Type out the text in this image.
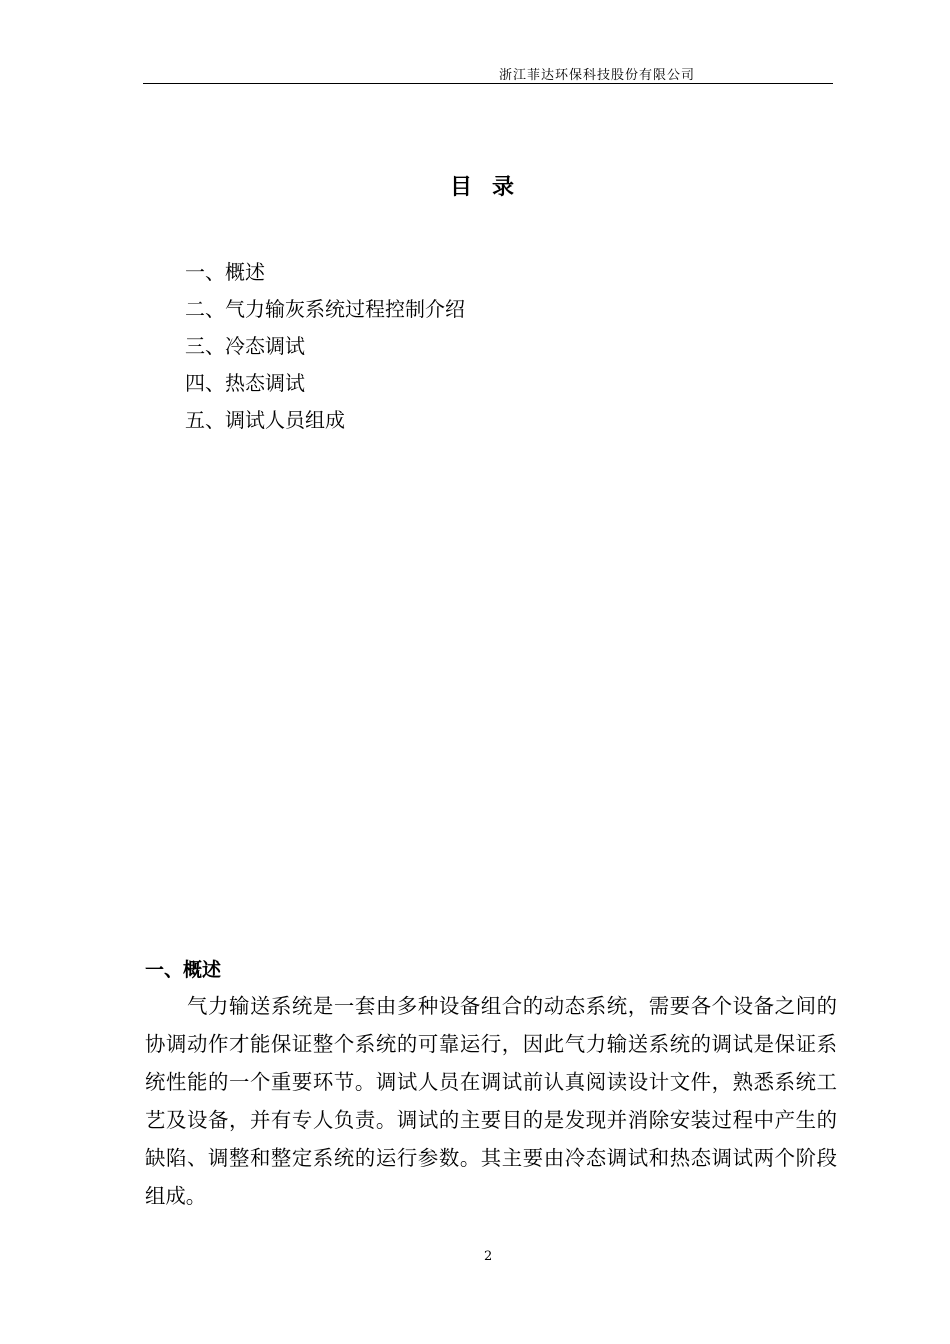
浙江菲达环保科技股份有限公司
目录
一、概述
二、气力输灰系统过程控制介绍
三、冷态调试
四、热态调试
五、调试人员组成
一、概述

气力输送系统是一套由多种设备组合的动态系统，需要各个设备之间的协调动作才能保证整个系统的可靠运行，因此气力输送系统的调试是保证系统性能的一个重要环节。调试人员在调试前认真阅读设计文件，熟悉系统工艺及设备，并有专人负责。调试的主要目的是发现并消除安装过程中产生的缺陷、调整和整定系统的运行参数。其主要由冷态调试和热态调试两个阶段组成。

2
